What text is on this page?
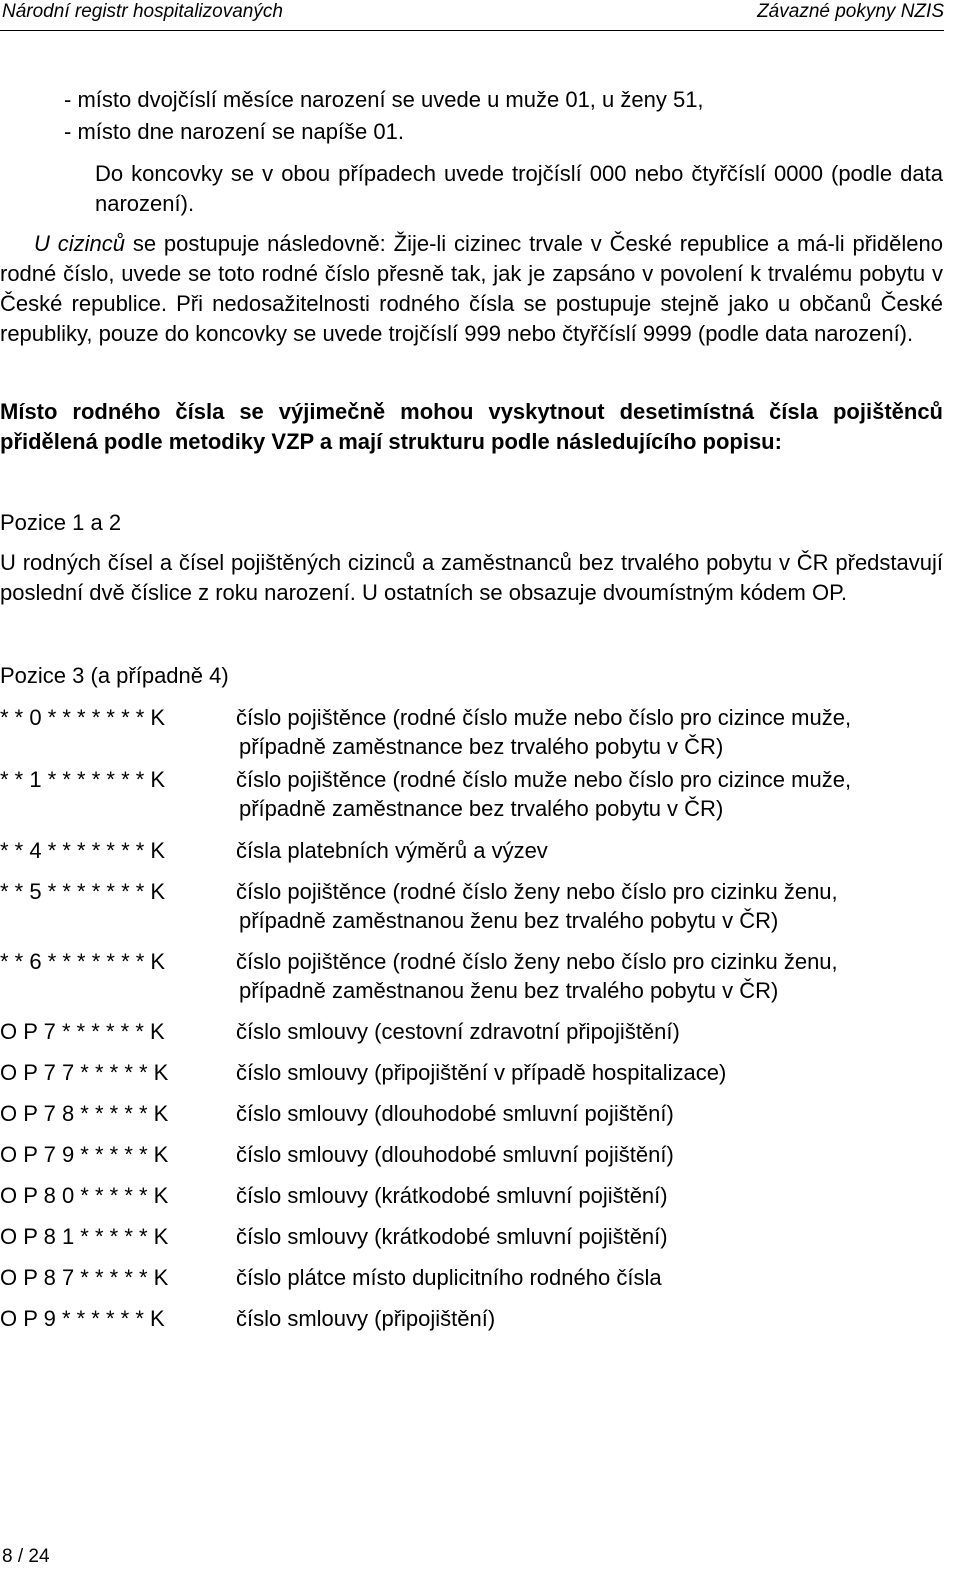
Národní registr hospitalizovaných	Závazné pokyny NZIS
- místo dvojčíslí měsíce narození se uvede u muže 01, u ženy 51,
- místo dne narození se napíše 01.
Do koncovky se v obou případech uvede trojčíslí 000 nebo čtyřčíslí 0000 (podle data narození).
U cizinců se postupuje následovně: Žije-li cizinec trvale v České republice a má-li přiděleno rodné číslo, uvede se toto rodné číslo přesně tak, jak je zapsáno v povolení k trvalému pobytu v České republice. Při nedosažitelnosti rodného čísla se postupuje stejně jako u občanů České republiky, pouze do koncovky se uvede trojčíslí 999 nebo čtyřčíslí 9999 (podle data narození).
Místo rodného čísla se výjimečně mohou vyskytnout desetimístná čísla pojištěnců přidělená podle metodiky VZP a mají strukturu podle následujícího popisu:
Pozice 1 a 2
U rodných čísel a čísel pojištěných cizinců a zaměstnanců bez trvalého pobytu v ČR představují poslední dvě číslice z roku narození. U ostatních se obsazuje dvoumístným kódem OP.
Pozice 3 (a případně 4)
* * 0 * * * * * * * K	číslo pojištěnce (rodné číslo muže nebo číslo pro cizince muže,
případně zaměstnance bez trvalého pobytu v ČR)
* * 1 * * * * * * * K	číslo pojištěnce (rodné číslo muže nebo číslo pro cizince muže,
případně zaměstnance bez trvalého pobytu v ČR)
* * 4 * * * * * * * K	čísla platebních výměrů a výzev
* * 5 * * * * * * * K	číslo pojištěnce (rodné číslo ženy nebo číslo pro cizinku ženu,
případně zaměstnanou ženu bez trvalého pobytu v ČR)
* * 6 * * * * * * * K	číslo pojištěnce (rodné číslo ženy nebo číslo pro cizinku ženu,
případně zaměstnanou ženu bez trvalého pobytu v ČR)
O P 7 * * * * * * K	číslo smlouvy (cestovní zdravotní připojištění)
O P 7 7 * * * * * K	číslo smlouvy (připojištění v případě hospitalizace)
O P 7 8 * * * * * K	číslo smlouvy (dlouhodobé smluvní pojištění)
O P 7 9 * * * * * K	číslo smlouvy (dlouhodobé smluvní pojištění)
O P 8 0 * * * * * K	číslo smlouvy (krátkodobé smluvní pojištění)
O P 8 1 * * * * * K	číslo smlouvy (krátkodobé smluvní pojištění)
O P 8 7 * * * * * K	číslo plátce místo duplicitního rodného čísla
O P 9 * * * * * * K	číslo smlouvy (připojištění)
8 / 24
